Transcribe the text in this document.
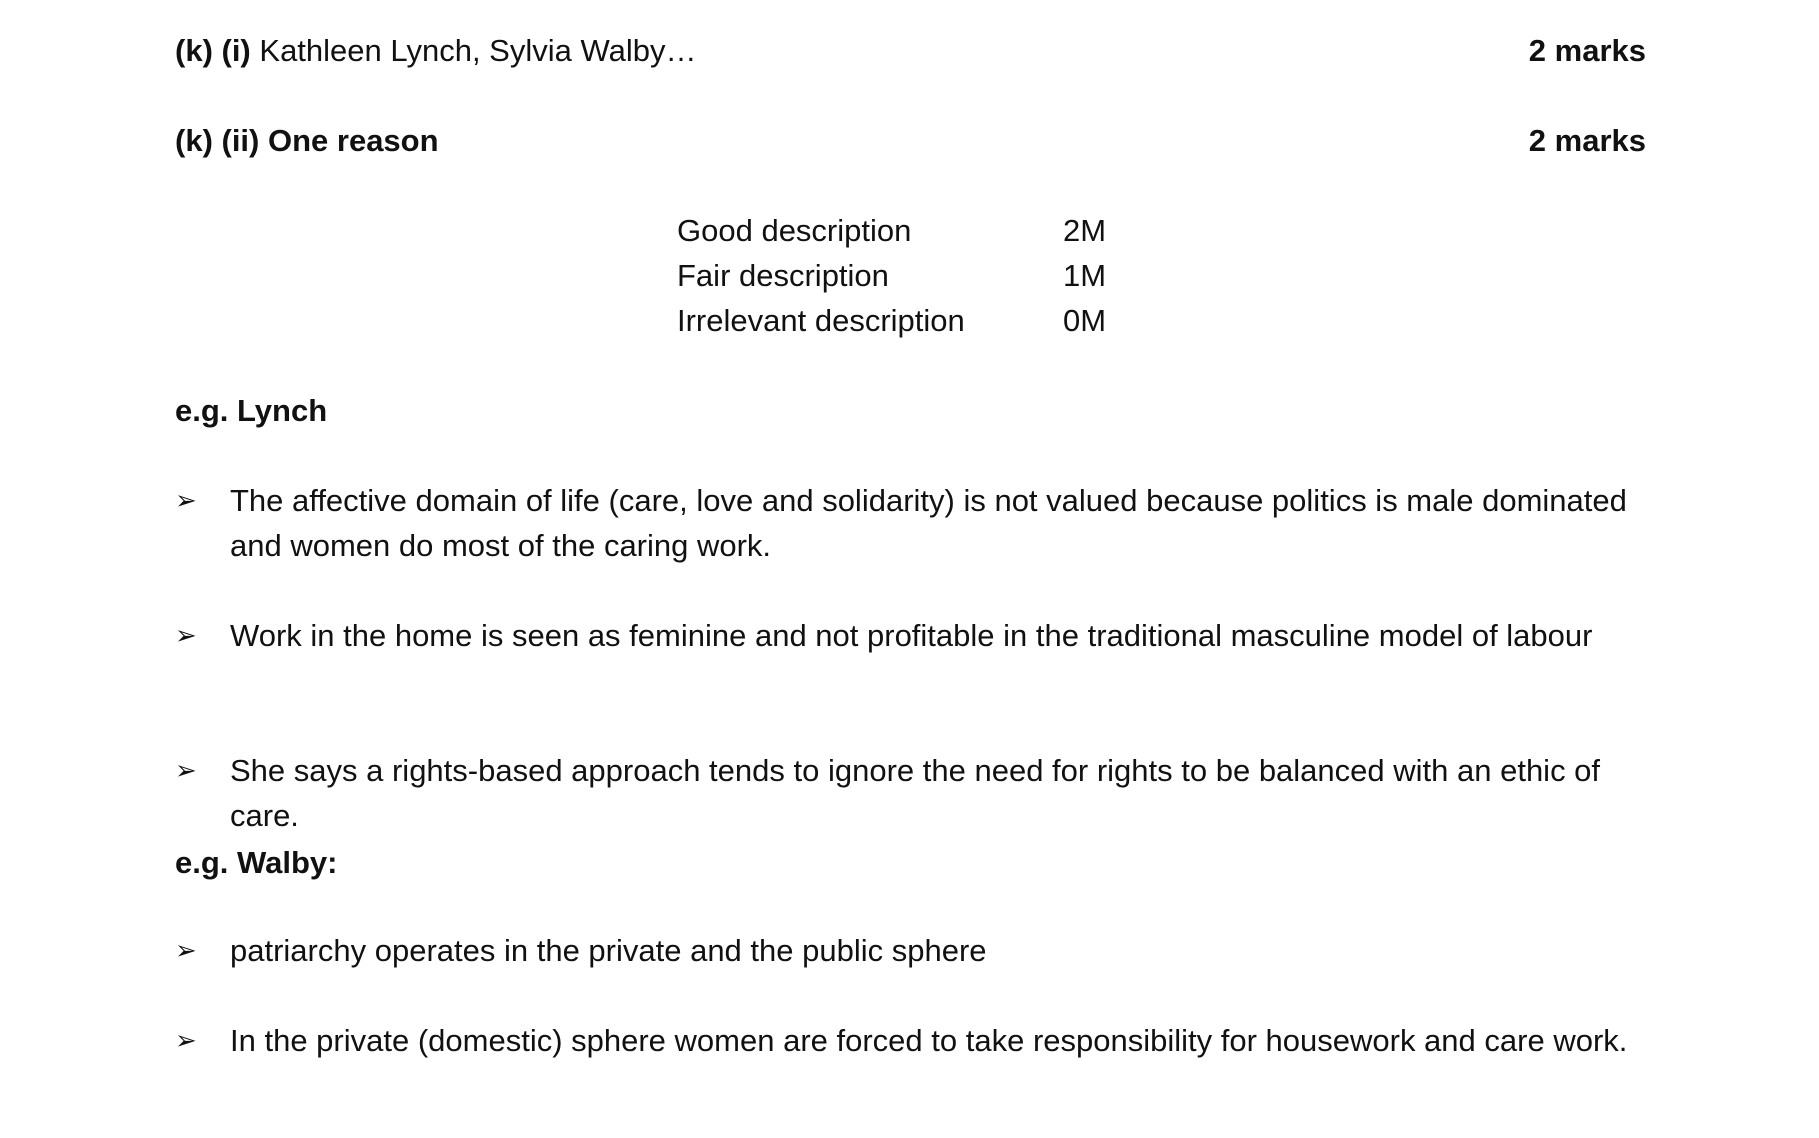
(k) (i) Kathleen Lynch, Sylvia Walby…	2 marks
(k) (ii) One reason	2 marks
Good description	2M
Fair description	1M
Irrelevant description	0M
e.g. Lynch
➢	The affective domain of life (care, love and solidarity) is not valued because politics is male dominated and women do most of the caring work.
➢	Work in the home is seen as feminine and not profitable in the traditional masculine model of labour
➢	She says a rights-based approach tends to ignore the need for rights to be balanced with an ethic of care.
e.g. Walby:
➢	patriarchy operates in the private and the public sphere
➢	In the private (domestic) sphere women are forced to take responsibility for housework and care work.
